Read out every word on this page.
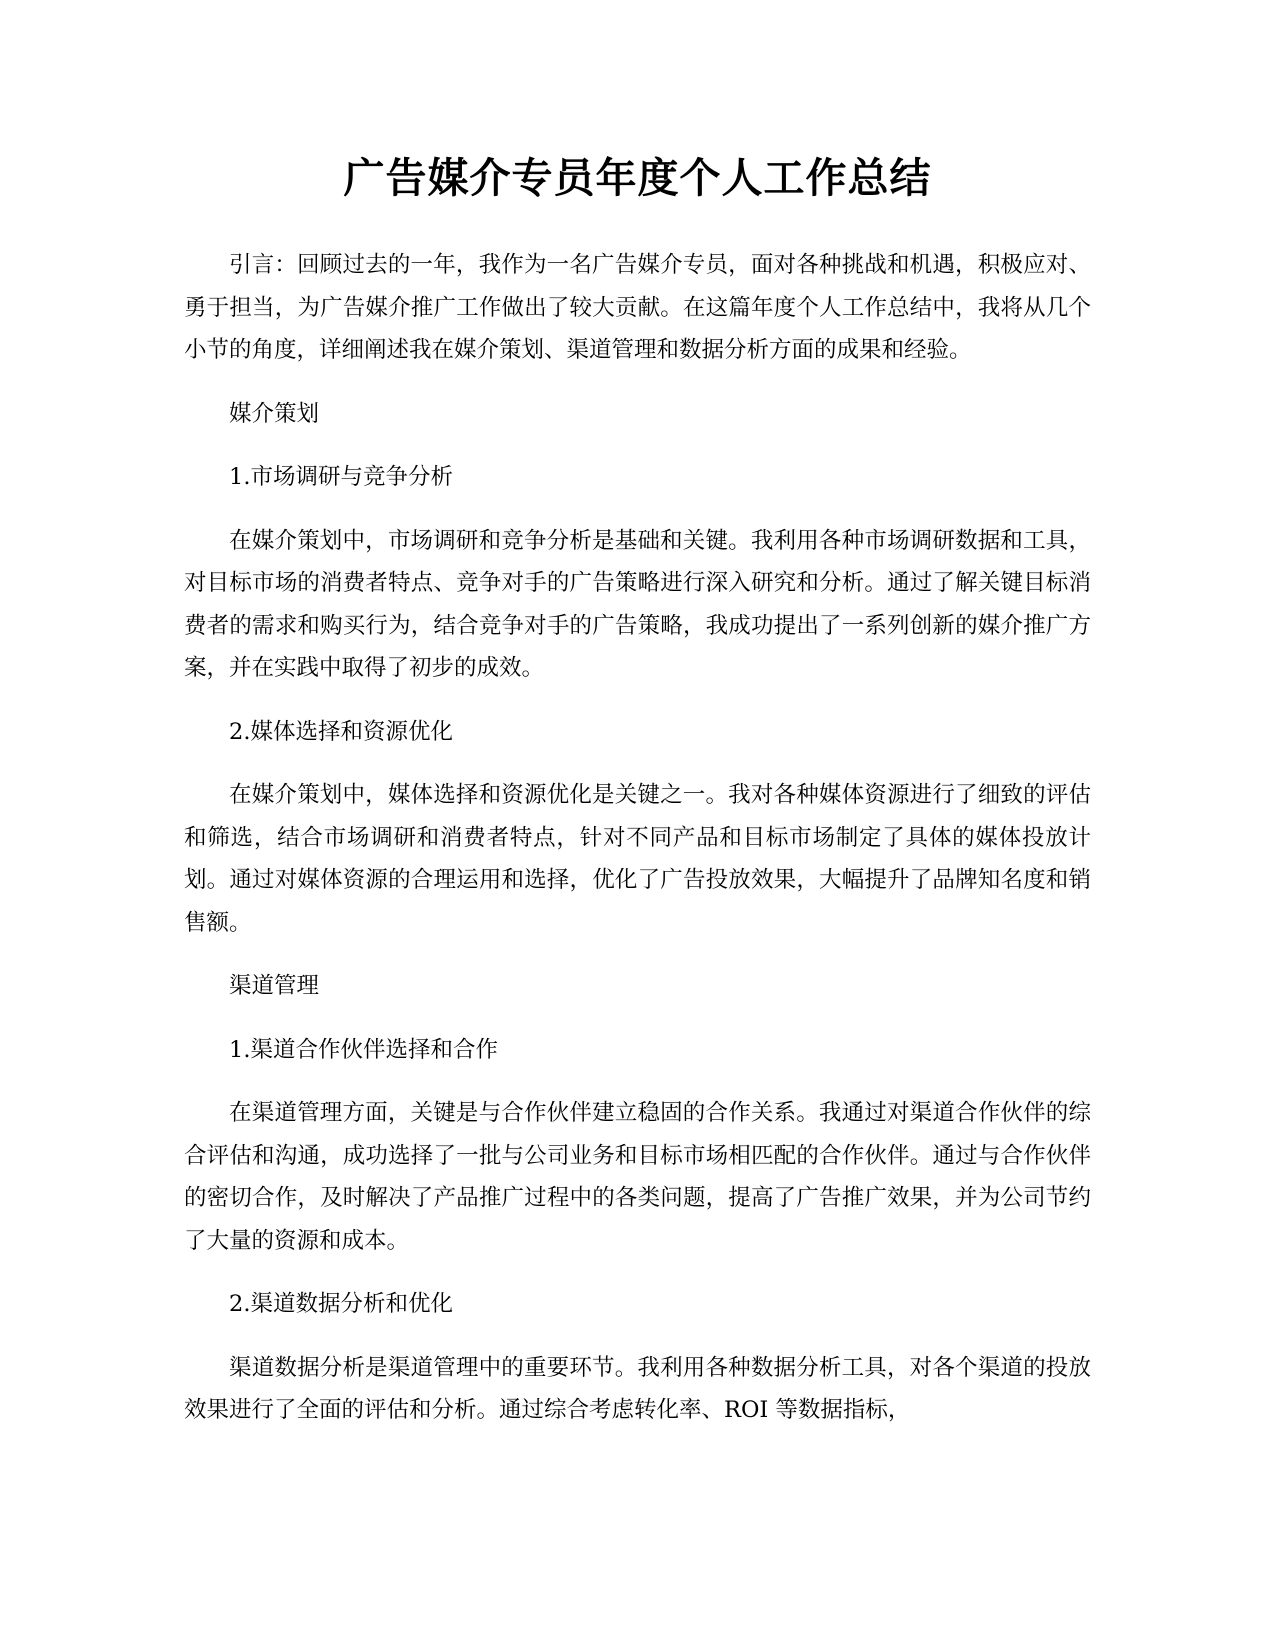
广告媒介专员年度个人工作总结

引言：回顾过去的一年，我作为一名广告媒介专员，面对各种挑战和机遇，积极应对、勇于担当，为广告媒介推广工作做出了较大贡献。在这篇年度个人工作总结中，我将从几个小节的角度，详细阐述我在媒介策划、渠道管理和数据分析方面的成果和经验。

媒介策划

1.市场调研与竞争分析

在媒介策划中，市场调研和竞争分析是基础和关键。我利用各种市场调研数据和工具，对目标市场的消费者特点、竞争对手的广告策略进行深入研究和分析。通过了解关键目标消费者的需求和购买行为，结合竞争对手的广告策略，我成功提出了一系列创新的媒介推广方案，并在实践中取得了初步的成效。

2.媒体选择和资源优化

在媒介策划中，媒体选择和资源优化是关键之一。我对各种媒体资源进行了细致的评估和筛选，结合市场调研和消费者特点，针对不同产品和目标市场制定了具体的媒体投放计划。通过对媒体资源的合理运用和选择，优化了广告投放效果，大幅提升了品牌知名度和销售额。

渠道管理

1.渠道合作伙伴选择和合作

在渠道管理方面，关键是与合作伙伴建立稳固的合作关系。我通过对渠道合作伙伴的综合评估和沟通，成功选择了一批与公司业务和目标市场相匹配的合作伙伴。通过与合作伙伴的密切合作，及时解决了产品推广过程中的各类问题，提高了广告推广效果，并为公司节约了大量的资源和成本。

2.渠道数据分析和优化

渠道数据分析是渠道管理中的重要环节。我利用各种数据分析工具，对各个渠道的投放效果进行了全面的评估和分析。通过综合考虑转化率、ROI 等数据指标，
